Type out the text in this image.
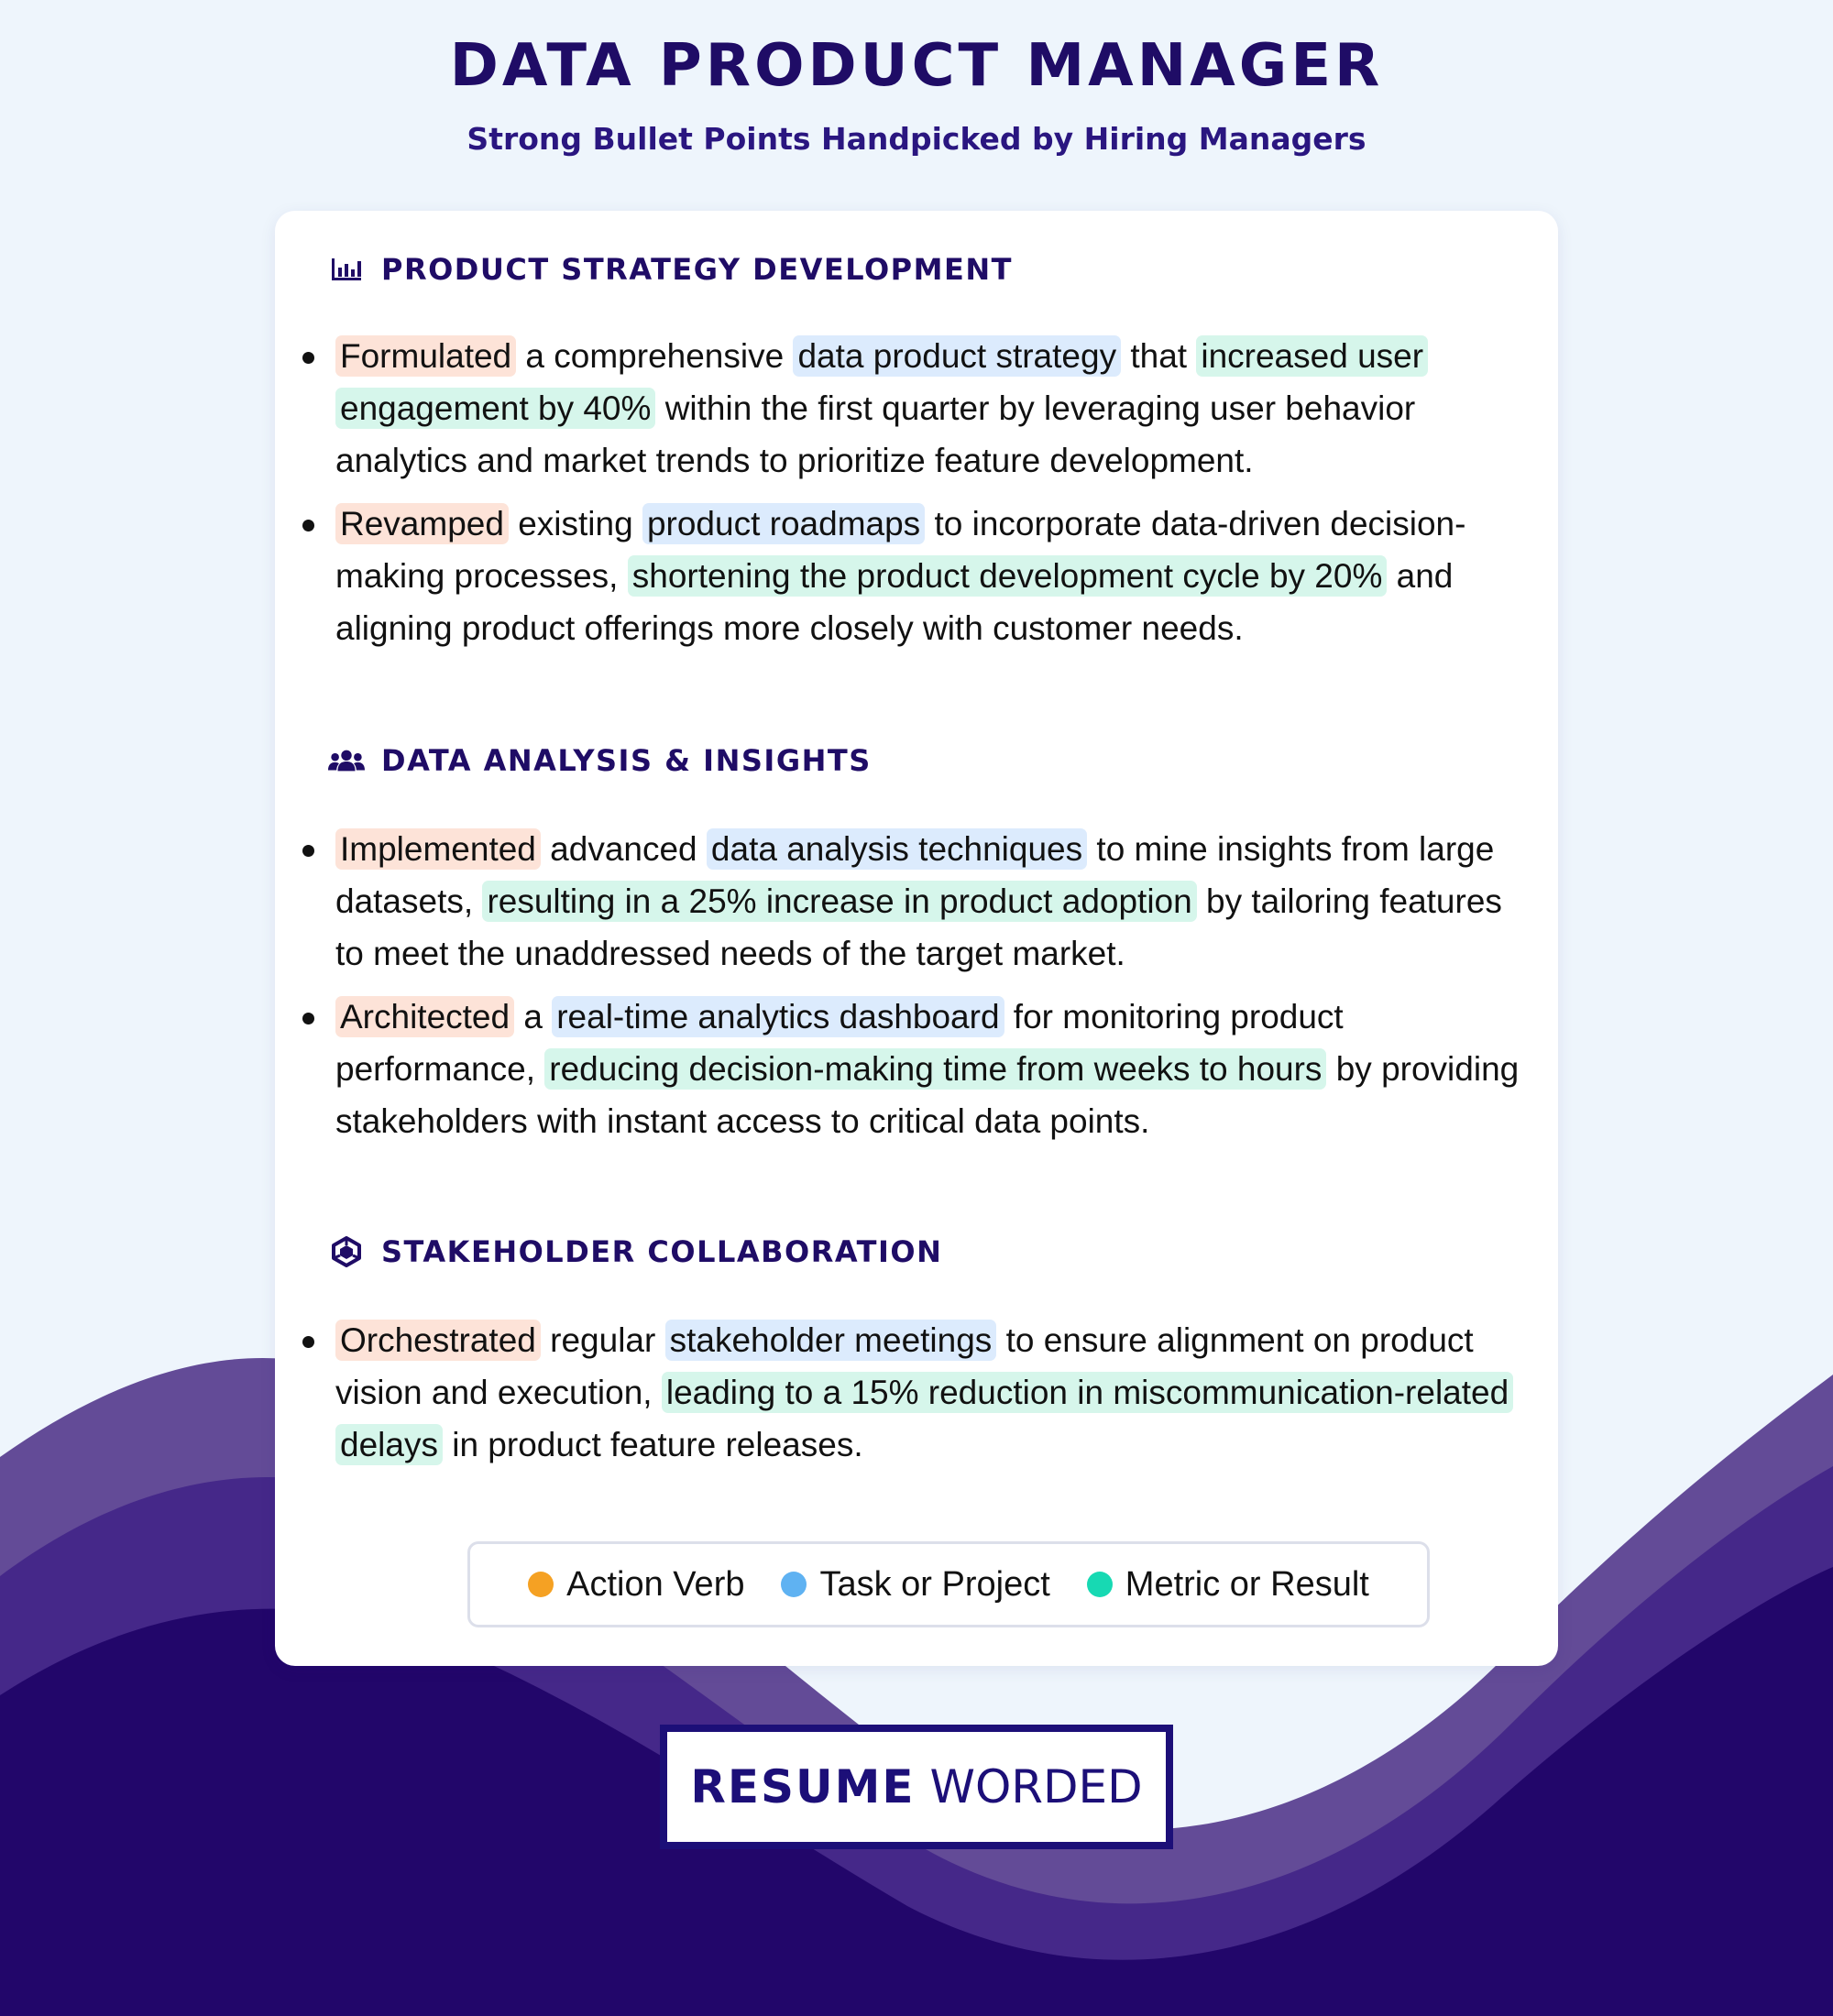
DATA PRODUCT MANAGER
Strong Bullet Points Handpicked by Hiring Managers
PRODUCT STRATEGY DEVELOPMENT
Formulated a comprehensive data product strategy that increased user engagement by 40% within the first quarter by leveraging user behavior analytics and market trends to prioritize feature development.
Revamped existing product roadmaps to incorporate data-driven decision-making processes, shortening the product development cycle by 20% and aligning product offerings more closely with customer needs.
DATA ANALYSIS & INSIGHTS
Implemented advanced data analysis techniques to mine insights from large datasets, resulting in a 25% increase in product adoption by tailoring features to meet the unaddressed needs of the target market.
Architected a real-time analytics dashboard for monitoring product performance, reducing decision-making time from weeks to hours by providing stakeholders with instant access to critical data points.
STAKEHOLDER COLLABORATION
Orchestrated regular stakeholder meetings to ensure alignment on product vision and execution, leading to a 15% reduction in miscommunication-related delays in product feature releases.
Action Verb Task or Project Metric or Result
RESUME WORDED
